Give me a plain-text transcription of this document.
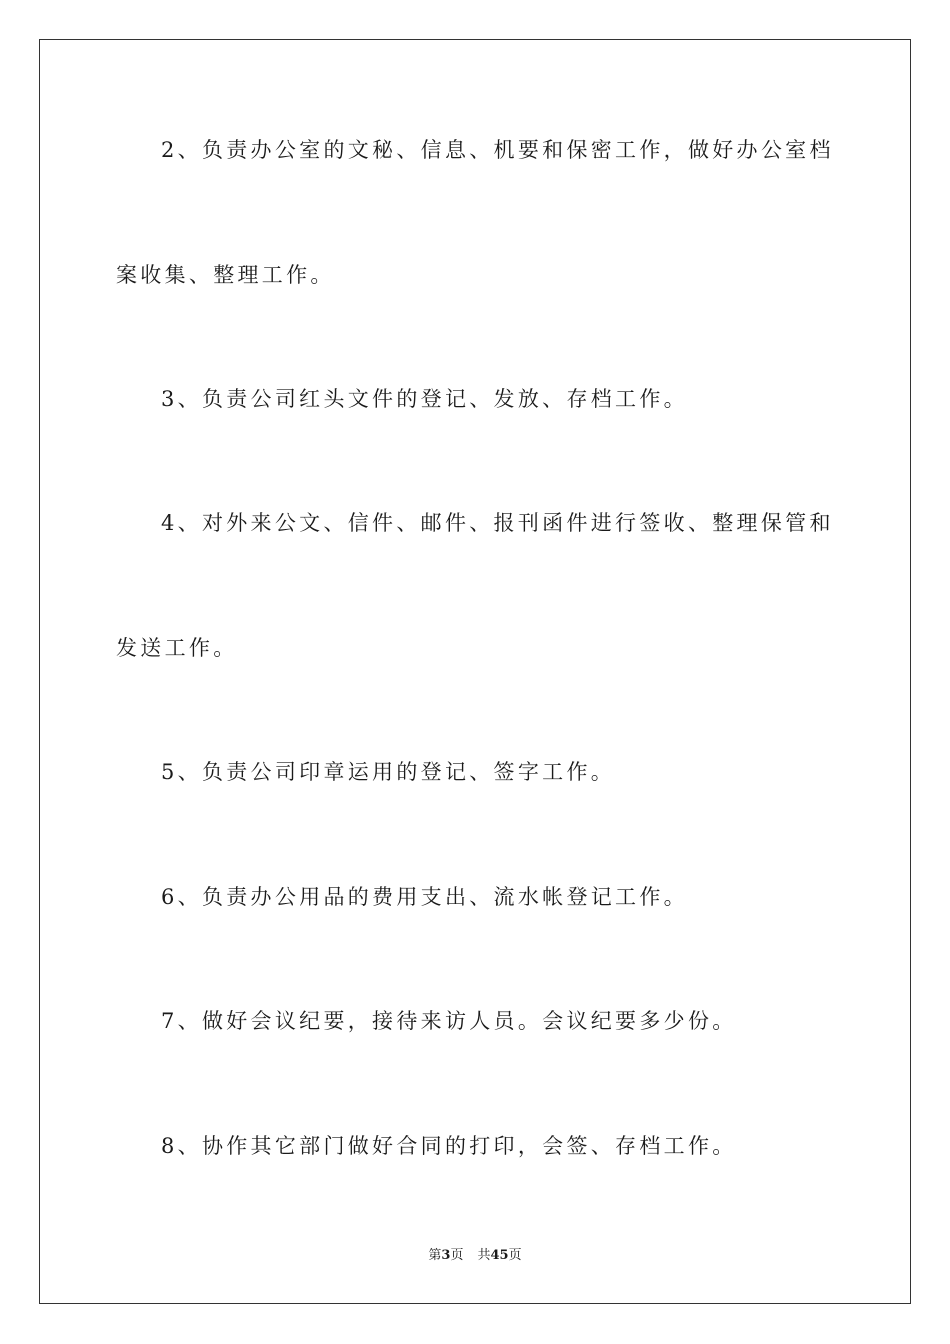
2、负责办公室的文秘、信息、机要和保密工作，做好办公室档
案收集、整理工作。
3、负责公司红头文件的登记、发放、存档工作。
4、对外来公文、信件、邮件、报刊函件进行签收、整理保管和
发送工作。
5、负责公司印章运用的登记、签字工作。
6、负责办公用品的费用支出、流水帐登记工作。
7、做好会议纪要，接待来访人员。会议纪要多少份。
8、协作其它部门做好合同的打印，会签、存档工作。
第3页 共45页
